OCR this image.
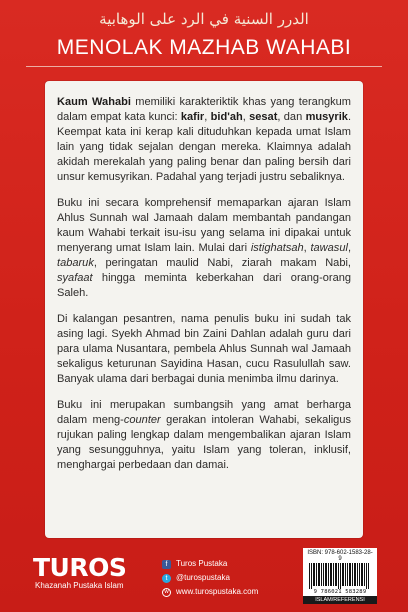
الدرر السنية في الرد على الوهابية
MENOLAK MAZHAB WAHABI

Kaum Wahabi memiliki karakteriktik khas yang terangkum dalam empat kata kunci: kafir, bid'ah, sesat, dan musyrik. Keempat kata ini kerap kali dituduhkan kepada umat Islam lain yang tidak sejalan dengan mereka. Klaimnya adalah akidah merekalah yang paling benar dan paling bersih dari unsur kemusyrikan. Padahal yang terjadi justru sebaliknya.

Buku ini secara komprehensif memaparkan ajaran Islam Ahlus Sunnah wal Jamaah dalam membantah pandangan kaum Wahabi terkait isu-isu yang selama ini dipakai untuk menyerang umat Islam lain. Mulai dari istighatsah, tawasul, tabaruk, peringatan maulid Nabi, ziarah makam Nabi, syafaat hingga meminta keberkahan dari orang-orang Saleh.

Di kalangan pesantren, nama penulis buku ini sudah tak asing lagi. Syekh Ahmad bin Zaini Dahlan adalah guru dari para ulama Nusantara, pembela Ahlus Sunnah wal Jamaah sekaligus keturunan Sayidina Hasan, cucu Rasulullah saw. Banyak ulama dari berbagai dunia menimba ilmu darinya.

Buku ini merupakan sumbangsih yang amat berharga dalam meng-counter gerakan intoleran Wahabi, sekaligus rujukan paling lengkap dalam mengembalikan ajaran Islam yang sesungguhnya, yaitu Islam yang toleran, inklusif, menghargai perbedaan dan damai.

TUROS
Khazanah Pustaka Islam
f	Turos Pustaka
t	@turospustaka
w www.turospustaka.com
ISBN: 978-602-1583-28-9
9 786021 583289
ISLAM/REFERENSI
